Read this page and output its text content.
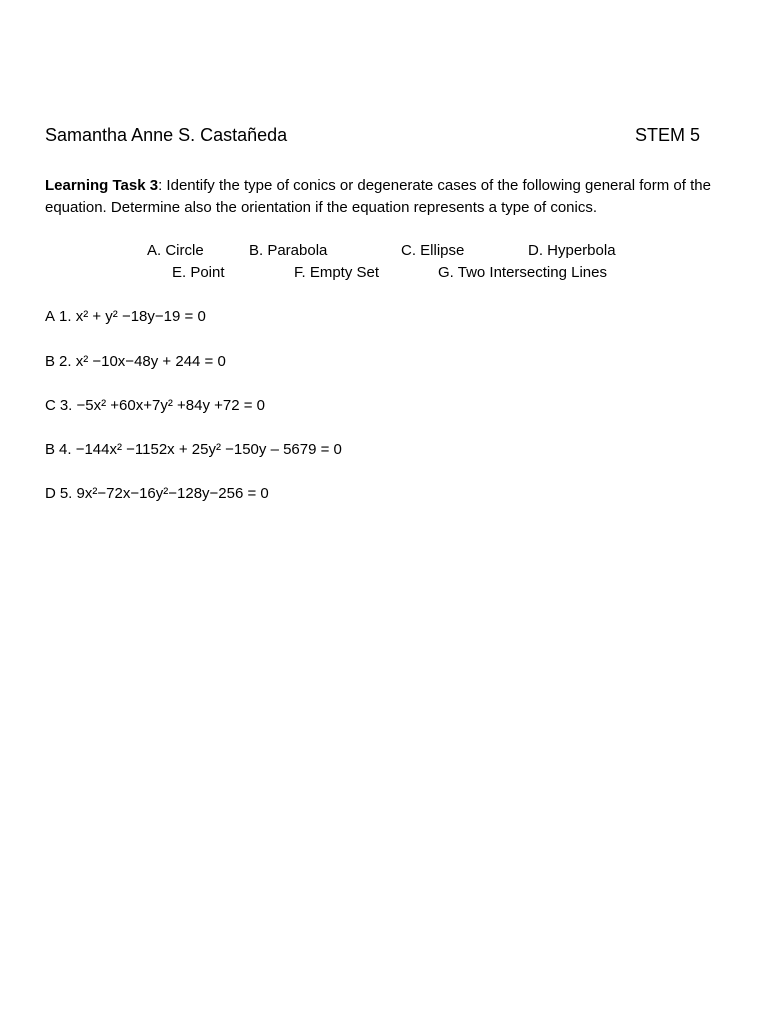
Samantha Anne S. Castañeda	STEM 5
Learning Task 3: Identify the type of conics or degenerate cases of the following general form of the equation. Determine also the orientation if the equation represents a type of conics.
A. Circle	B. Parabola	C. Ellipse	D. Hyperbola
E. Point	F. Empty Set	G. Two Intersecting Lines
A 1. x² + y² −18y−19 = 0
B 2. x² −10x−48y + 244 = 0
C 3. −5x² +60x+7y² +84y +72 = 0
B 4. −144x² −1152x + 25y² −150y – 5679 = 0
D 5. 9x²−72x−16y²−128y−256 = 0
